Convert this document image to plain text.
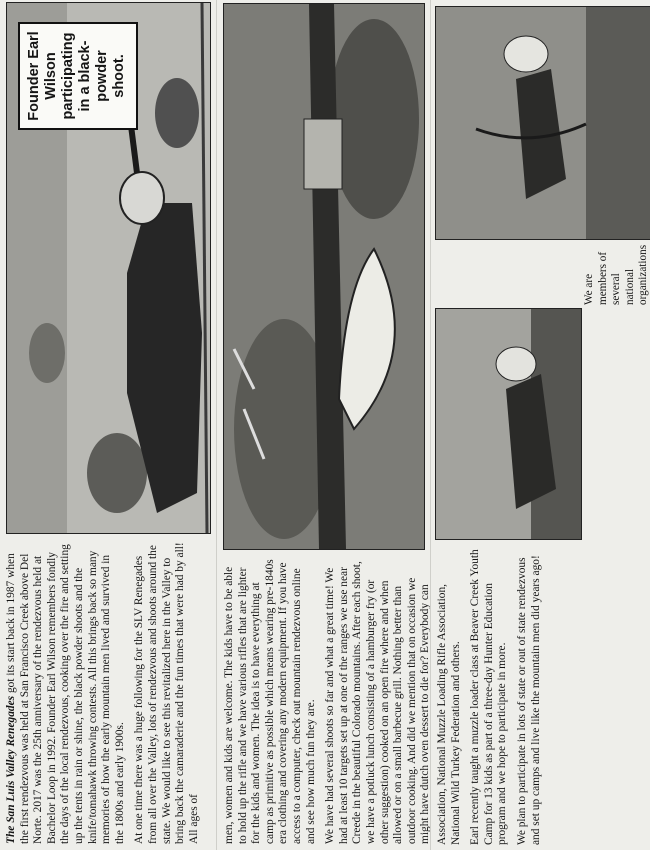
The San Luis Valley Renegades got its start back in 1987 when the first rendezvous was held at San Francisco Creek above Del Norte. 2017 was the 25th anniversary of the rendezvous held at Bachelor Loop in 1992. Founder Earl Wilson remembers fondly the days of the local rendezvous, cooking over the fire and setting up the tents in rain or shine, the black powder shoots and the knife/tomahawk throwing contests. All this brings back so many memories of how the early mountain men lived and survived in the 1800s and early 1900s. At one time there was a huge following for the SLV Renegades from all over the Valley, lots of rendezvous and shoots around the state. We would like to see this revitalized here in the Valley to bring back the camaraderie and the fun times that were had by all! All ages of

Founder Earl Wilson participating in a black-powder shoot.

men, women and kids are welcome. The kids have to be able to hold up the rifle and we have various rifles that are lighter for the kids and women. The idea is to have everything at camp as primitive as possible which means wearing pre-1840s era clothing and covering any modern equipment. If you have access to a computer, check out mountain rendezvous online and see how much fun they are. We have had several shoots so far and what a great time! We had at least 10 targets set up at one of the ranges we use near Creede in the beautiful Colorado mountains. After each shoot, we have a potluck lunch consisting of a hamburger fry (or other suggestion) cooked on an open fire where and when allowed or on a small barbecue grill. Nothing better than outdoor cooking. And did we mention that on occasion we might have dutch oven dessert to die for? Everybody can Association, National Muzzle Loading Rifle Association, National Wild Turkey Federation and others. Earl recently taught a muzzle loader class at Beaver Creek Youth Camp for 13 kids as part of a three-day Hunter Education program and we hope to participate in more. We plan to participate in lots of state or out of state rendezvous and set up camps and live like the mountain men did years ago!

We are members of several national organizations
